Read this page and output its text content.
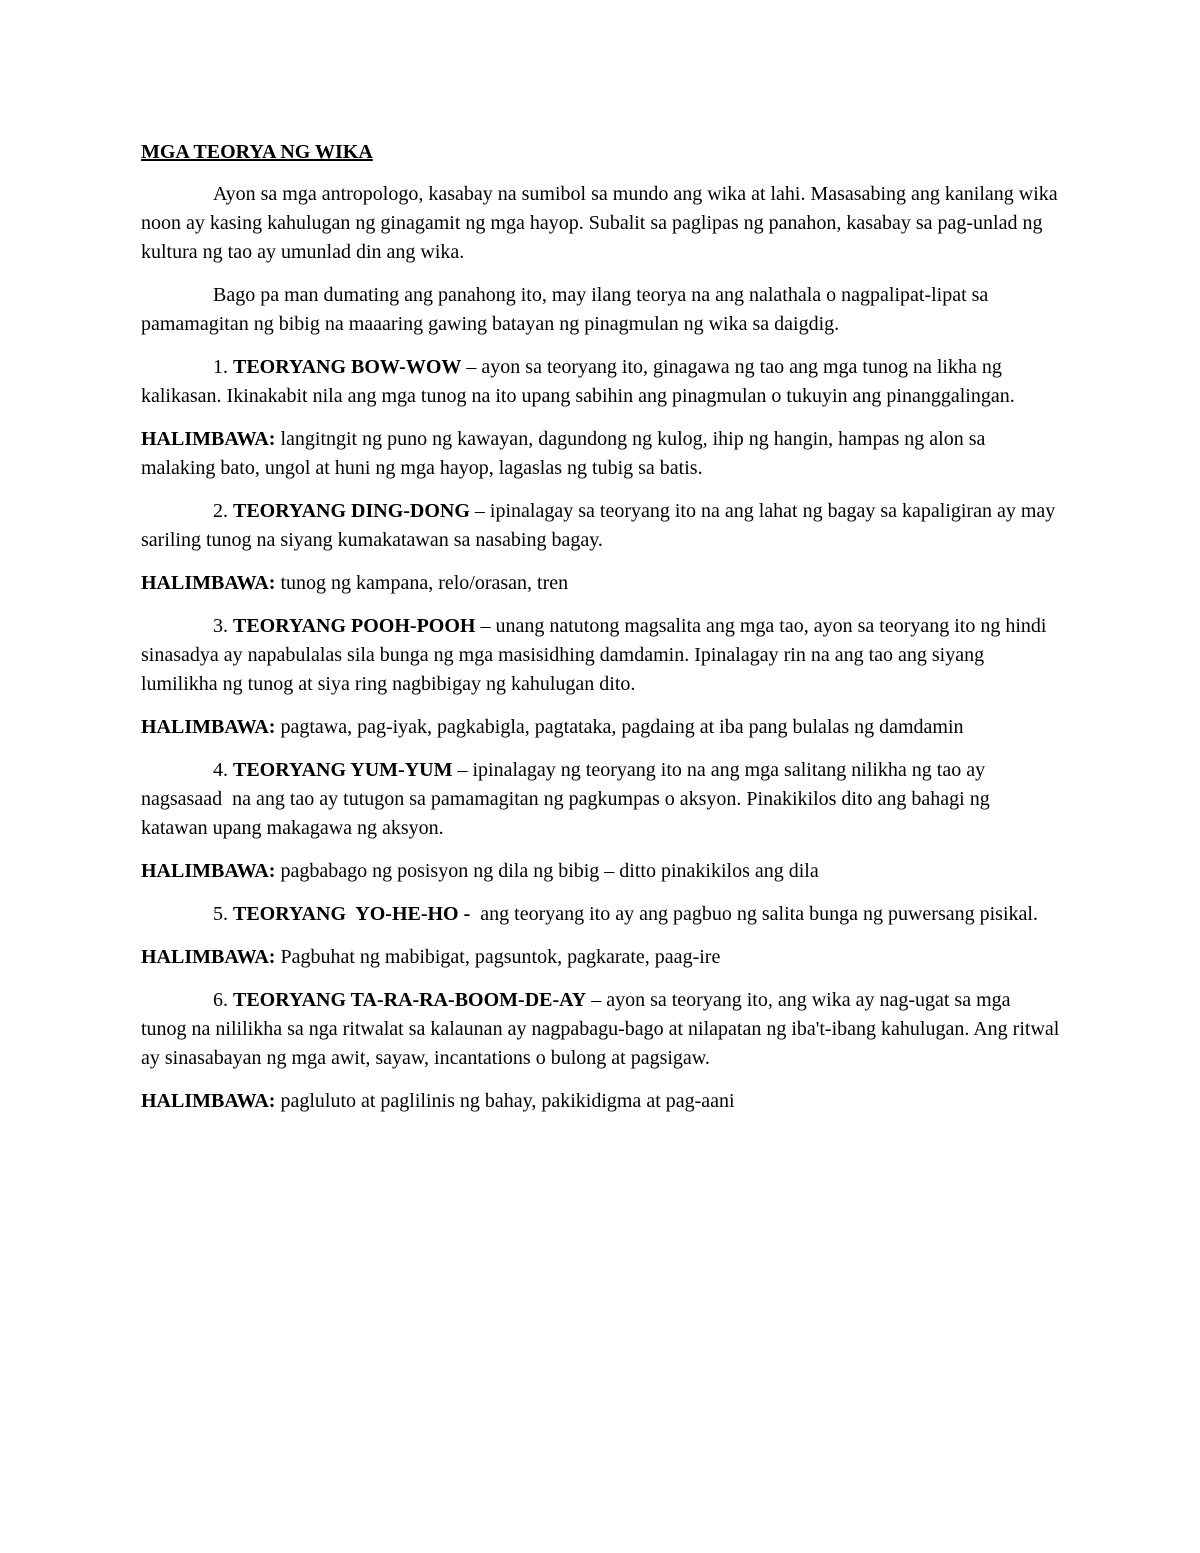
MGA TEORYA NG WIKA

Ayon sa mga antropologo, kasabay na sumibol sa mundo ang wika at lahi. Masasabing ang kanilang wika noon ay kasing kahulugan ng ginagamit ng mga hayop. Subalit sa paglipas ng panahon, kasabay sa pag-unlad ng kultura ng tao ay umunlad din ang wika.

Bago pa man dumating ang panahong ito, may ilang teorya na ang nalathala o nagpalipat-lipat sa pamamagitan ng bibig na maaaring gawing batayan ng pinagmulan ng wika sa daigdig.

1. TEORYANG BOW-WOW – ayon sa teoryang ito, ginagawa ng tao ang mga tunog na likha ng kalikasan. Ikinakabit nila ang mga tunog na ito upang sabihin ang pinagmulan o tukuyin ang pinanggalingan.

HALIMBAWA: langitngit ng puno ng kawayan, dagundong ng kulog, ihip ng hangin, hampas ng alon sa malaking bato, ungol at huni ng mga hayop, lagaslas ng tubig sa batis.

2. TEORYANG DING-DONG – ipinalagay sa teoryang ito na ang lahat ng bagay sa kapaligiran ay may sariling tunog na siyang kumakatawan sa nasabing bagay.

HALIMBAWA: tunog ng kampana, relo/orasan, tren

3. TEORYANG POOH-POOH – unang natutong magsalita ang mga tao, ayon sa teoryang ito ng hindi sinasadya ay napabulalas sila bunga ng mga masisidhing damdamin. Ipinalagay rin na ang tao ang siyang lumilikha ng tunog at siya ring nagbibigay ng kahulugan dito.

HALIMBAWA: pagtawa, pag-iyak, pagkabigla, pagtataka, pagdaing at iba pang bulalas ng damdamin

4. TEORYANG YUM-YUM – ipinalagay ng teoryang ito na ang mga salitang nilikha ng tao ay nagsasaad  na ang tao ay tutugon sa pamamagitan ng pagkumpas o aksyon. Pinakikilos dito ang bahagi ng katawan upang makagawa ng aksyon.

HALIMBAWA: pagbabago ng posisyon ng dila ng bibig – ditto pinakikilos ang dila

5. TEORYANG  YO-HE-HO -  ang teoryang ito ay ang pagbuo ng salita bunga ng puwersang pisikal.

HALIMBAWA: Pagbuhat ng mabibigat, pagsuntok, pagkarate, paag-ire

6. TEORYANG TA-RA-RA-BOOM-DE-AY – ayon sa teoryang ito, ang wika ay nag-ugat sa mga tunog na nililikha sa nga ritwalat sa kalaunan ay nagpabagu-bago at nilapatan ng iba't-ibang kahulugan. Ang ritwal ay sinasabayan ng mga awit, sayaw, incantations o bulong at pagsigaw.

HALIMBAWA: pagluluto at paglilinis ng bahay, pakikidigma at pag-aani
